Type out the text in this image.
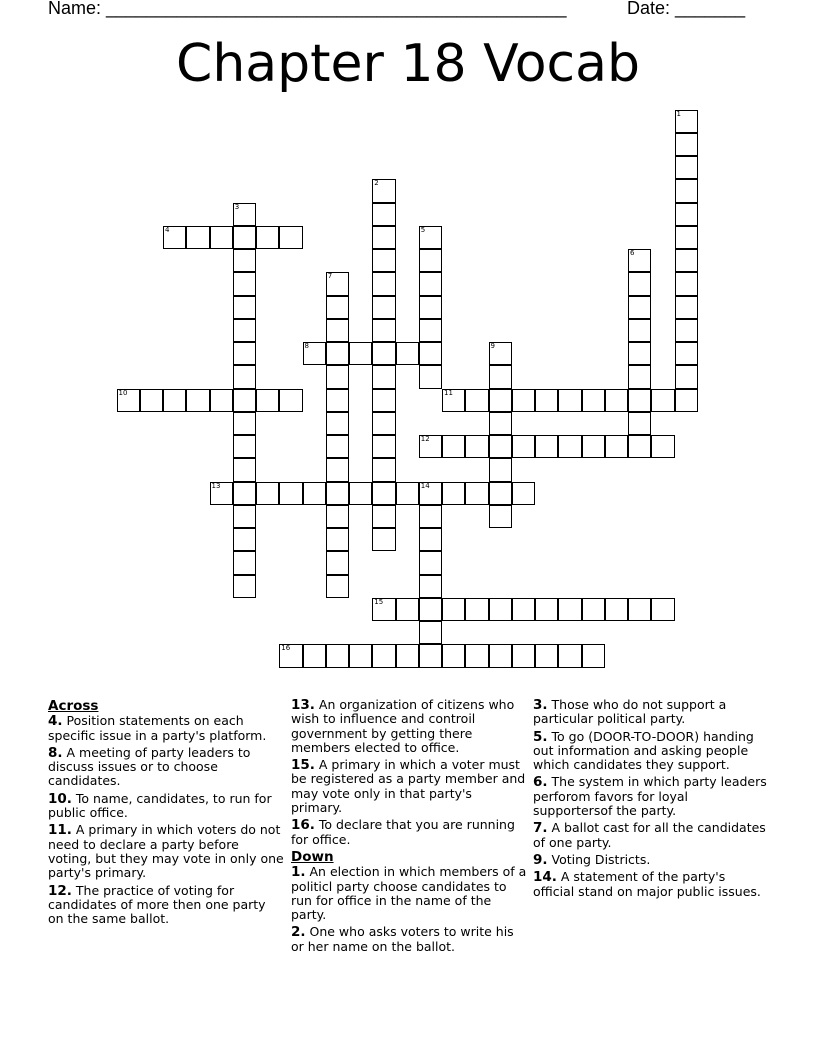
Name: ______________________________________________	Date: _______
Chapter 18 Vocab
1
2
3
4	5
6
7
8	9
10	11
12
13	14
15
16
Across
4. Position statements on each specific issue in a party's platform.
8. A meeting of party leaders to discuss issues or to choose candidates.
10. To name, candidates, to run for public office.
11. A primary in which voters do not need to declare a party before voting, but they may vote in only one party's primary.
12. The practice of voting for candidates of more then one party on the same ballot.
13. An organization of citizens who wish to influence and controil government by getting there members elected to office.
15. A primary in which a voter must be registered as a party member and may vote only in that party's primary.
16. To declare that you are running for office.
Down
1. An election in which members of a politicl party choose candidates to run for office in the name of the party.
2. One who asks voters to write his or her name on the ballot.
3. Those who do not support a particular political party.
5. To go (DOOR-TO-DOOR) handing out information and asking people which candidates they support.
6. The system in which party leaders perforom favors for loyal supportersof the party.
7. A ballot cast for all the candidates of one party.
9. Voting Districts.
14. A statement of the party's official stand on major public issues.
